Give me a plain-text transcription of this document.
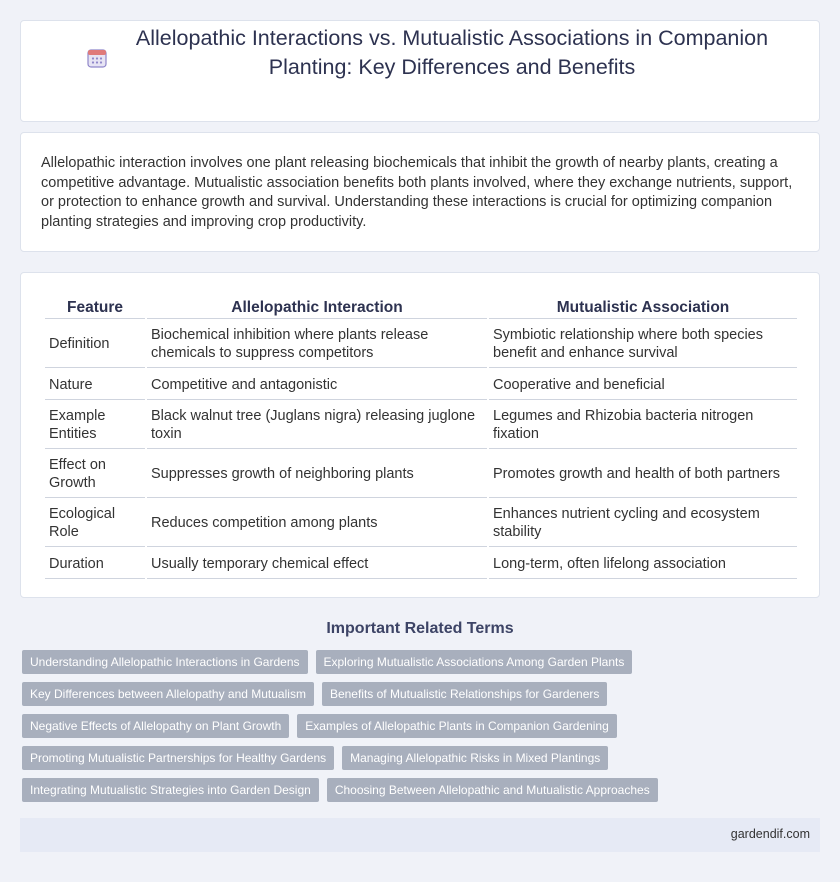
Allelopathic Interactions vs. Mutualistic Associations in Companion Planting: Key Differences and Benefits

Allelopathic interaction involves one plant releasing biochemicals that inhibit the growth of nearby plants, creating a competitive advantage. Mutualistic association benefits both plants involved, where they exchange nutrients, support, or protection to enhance growth and survival. Understanding these interactions is crucial for optimizing companion planting strategies and improving crop productivity.

Feature	Allelopathic Interaction	Mutualistic Association
Definition	Biochemical inhibition where plants release chemicals to suppress competitors	Symbiotic relationship where both species benefit and enhance survival
Nature	Competitive and antagonistic	Cooperative and beneficial
Example Entities	Black walnut tree (Juglans nigra) releasing juglone toxin	Legumes and Rhizobia bacteria nitrogen fixation
Effect on Growth	Suppresses growth of neighboring plants	Promotes growth and health of both partners
Ecological Role	Reduces competition among plants	Enhances nutrient cycling and ecosystem stability
Duration	Usually temporary chemical effect	Long-term, often lifelong association
Important Related Terms
Understanding Allelopathic Interactions in Gardens	Exploring Mutualistic Associations Among Garden Plants
Key Differences between Allelopathy and Mutualism	Benefits of Mutualistic Relationships for Gardeners
Negative Effects of Allelopathy on Plant Growth	Examples of Allelopathic Plants in Companion Gardening
Promoting Mutualistic Partnerships for Healthy Gardens	Managing Allelopathic Risks in Mixed Plantings
Integrating Mutualistic Strategies into Garden Design	Choosing Between Allelopathic and Mutualistic Approaches
gardendif.com
